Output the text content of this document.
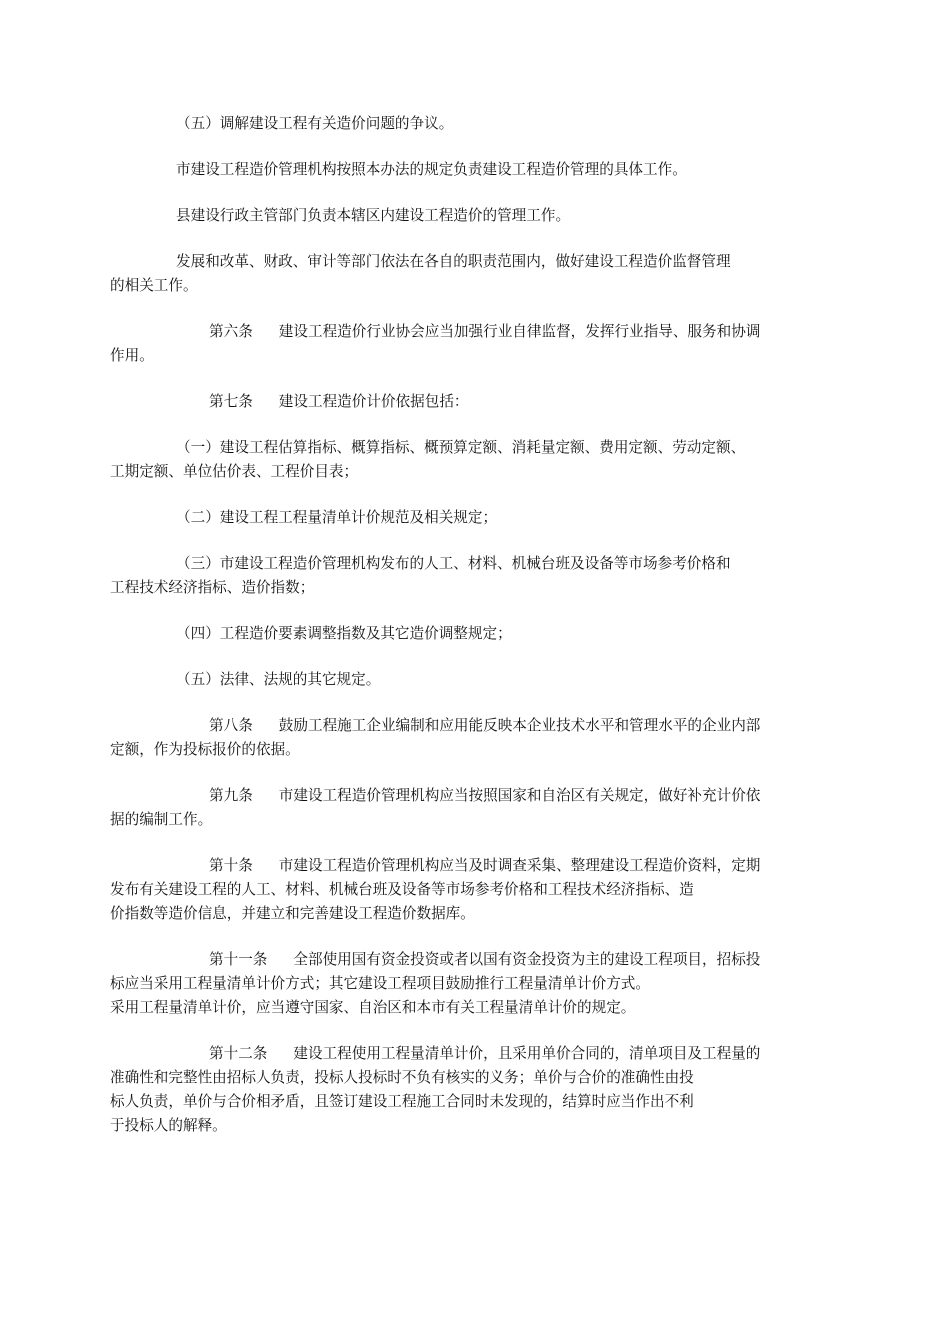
（五）调解建设工程有关造价问题的争议。

市建设工程造价管理机构按照本办法的规定负责建设工程造价管理的具体工作。

县建设行政主管部门负责本辖区内建设工程造价的管理工作。

发展和改革、财政、审计等部门依法在各自的职责范围内，做好建设工程造价监督管理
的相关工作。

第六条 建设工程造价行业协会应当加强行业自律监督，发挥行业指导、服务和协调
作用。

第七条 建设工程造价计价依据包括：

（一）建设工程估算指标、概算指标、概预算定额、消耗量定额、费用定额、劳动定额、
工期定额、单位估价表、工程价目表；

（二）建设工程工程量清单计价规范及相关规定；

（三）市建设工程造价管理机构发布的人工、材料、机械台班及设备等市场参考价格和
工程技术经济指标、造价指数；

（四）工程造价要素调整指数及其它造价调整规定；

（五）法律、法规的其它规定。

第八条 鼓励工程施工企业编制和应用能反映本企业技术水平和管理水平的企业内部
定额，作为投标报价的依据。

第九条 市建设工程造价管理机构应当按照国家和自治区有关规定，做好补充计价依
据的编制工作。

第十条 市建设工程造价管理机构应当及时调查采集、整理建设工程造价资料，定期
发布有关建设工程的人工、材料、机械台班及设备等市场参考价格和工程技术经济指标、造
价指数等造价信息，并建立和完善建设工程造价数据库。

第十一条 全部使用国有资金投资或者以国有资金投资为主的建设工程项目，招标投
标应当采用工程量清单计价方式；其它建设工程项目鼓励推行工程量清单计价方式。
采用工程量清单计价，应当遵守国家、自治区和本市有关工程量清单计价的规定。

第十二条 建设工程使用工程量清单计价，且采用单价合同的，清单项目及工程量的
准确性和完整性由招标人负责，投标人投标时不负有核实的义务；单价与合价的准确性由投
标人负责，单价与合价相矛盾，且签订建设工程施工合同时未发现的，结算时应当作出不利
于投标人的解释。
